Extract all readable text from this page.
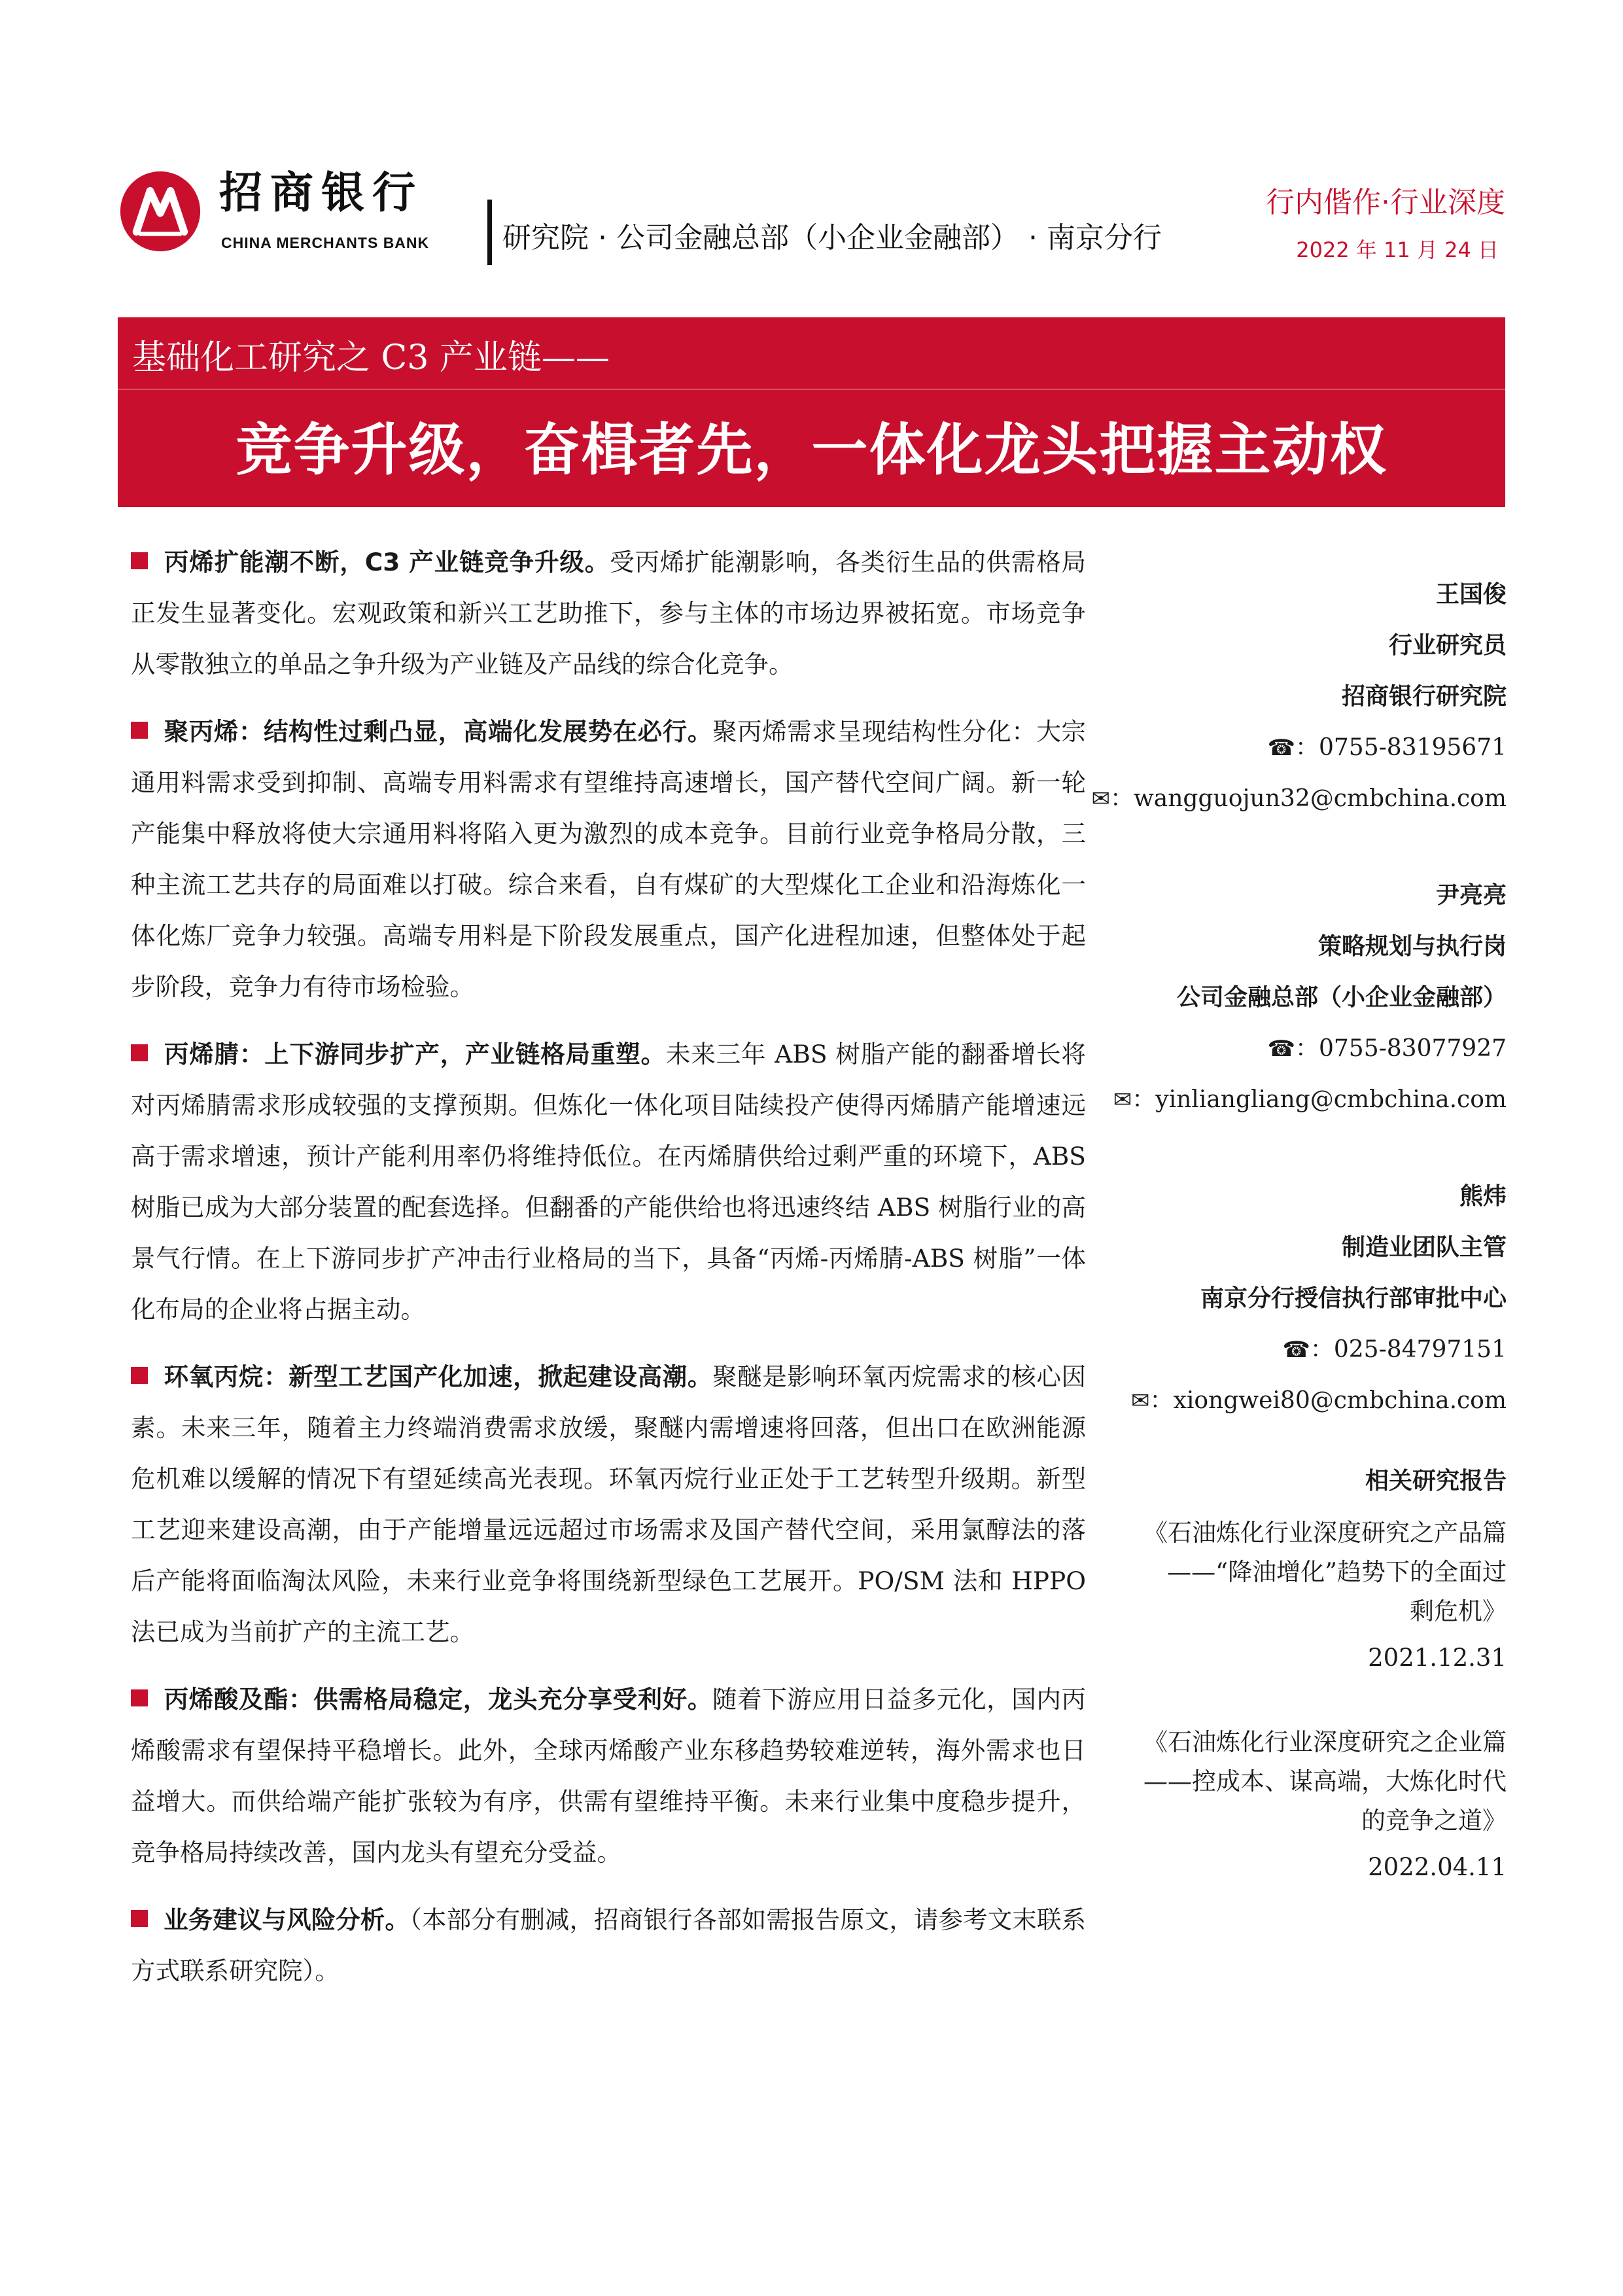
招商银行
CHINA MERCHANTS BANK	研究院 · 公司金融总部（小企业金融部） · 南京分行
行内偕作·行业深度
2022 年 11 月 24 日
基础化工研究之 C3 产业链——
竞争升级，奋楫者先，一体化龙头把握主动权

丙烯扩能潮不断，C3 产业链竞争升级。受丙烯扩能潮影响，各类衍生品的供需格局正发生显著变化。宏观政策和新兴工艺助推下，参与主体的市场边界被拓宽。市场竞争从零散独立的单品之争升级为产业链及产品线的综合化竞争。

聚丙烯：结构性过剩凸显，高端化发展势在必行。聚丙烯需求呈现结构性分化：大宗通用料需求受到抑制、高端专用料需求有望维持高速增长，国产替代空间广阔。新一轮产能集中释放将使大宗通用料将陷入更为激烈的成本竞争。目前行业竞争格局分散，三种主流工艺共存的局面难以打破。综合来看，自有煤矿的大型煤化工企业和沿海炼化一体化炼厂竞争力较强。高端专用料是下阶段发展重点，国产化进程加速，但整体处于起步阶段，竞争力有待市场检验。

丙烯腈：上下游同步扩产，产业链格局重塑。未来三年 ABS 树脂产能的翻番增长将对丙烯腈需求形成较强的支撑预期。但炼化一体化项目陆续投产使得丙烯腈产能增速远高于需求增速，预计产能利用率仍将维持低位。在丙烯腈供给过剩严重的环境下，ABS 树脂已成为大部分装置的配套选择。但翻番的产能供给也将迅速终结 ABS 树脂行业的高景气行情。在上下游同步扩产冲击行业格局的当下，具备“丙烯-丙烯腈-ABS 树脂”一体化布局的企业将占据主动。

环氧丙烷：新型工艺国产化加速，掀起建设高潮。聚醚是影响环氧丙烷需求的核心因素。未来三年，随着主力终端消费需求放缓，聚醚内需增速将回落，但出口在欧洲能源危机难以缓解的情况下有望延续高光表现。环氧丙烷行业正处于工艺转型升级期。新型工艺迎来建设高潮，由于产能增量远远超过市场需求及国产替代空间，采用氯醇法的落后产能将面临淘汰风险，未来行业竞争将围绕新型绿色工艺展开。PO/SM 法和 HPPO 法已成为当前扩产的主流工艺。

丙烯酸及酯：供需格局稳定，龙头充分享受利好。随着下游应用日益多元化，国内丙烯酸需求有望保持平稳增长。此外，全球丙烯酸产业东移趋势较难逆转，海外需求也日益增大。而供给端产能扩张较为有序，供需有望维持平衡。未来行业集中度稳步提升，竞争格局持续改善，国内龙头有望充分受益。

业务建议与风险分析。（本部分有删减，招商银行各部如需报告原文，请参考文末联系方式联系研究院）。

王国俊
行业研究员
招商银行研究院
☎：0755-83195671
✉：wangguojun32@cmbchina.com
尹亮亮
策略规划与执行岗
公司金融总部（小企业金融部）
☎：0755-83077927
✉：yinliangliang@cmbchina.com
熊炜
制造业团队主管
南京分行授信执行部审批中心
☎：025-84797151
✉：xiongwei80@cmbchina.com
相关研究报告
《石油炼化行业深度研究之产品篇
——“降油增化”趋势下的全面过
剩危机》
2021.12.31
《石油炼化行业深度研究之企业篇
——控成本、谋高端，大炼化时代
的竞争之道》
2022.04.11
